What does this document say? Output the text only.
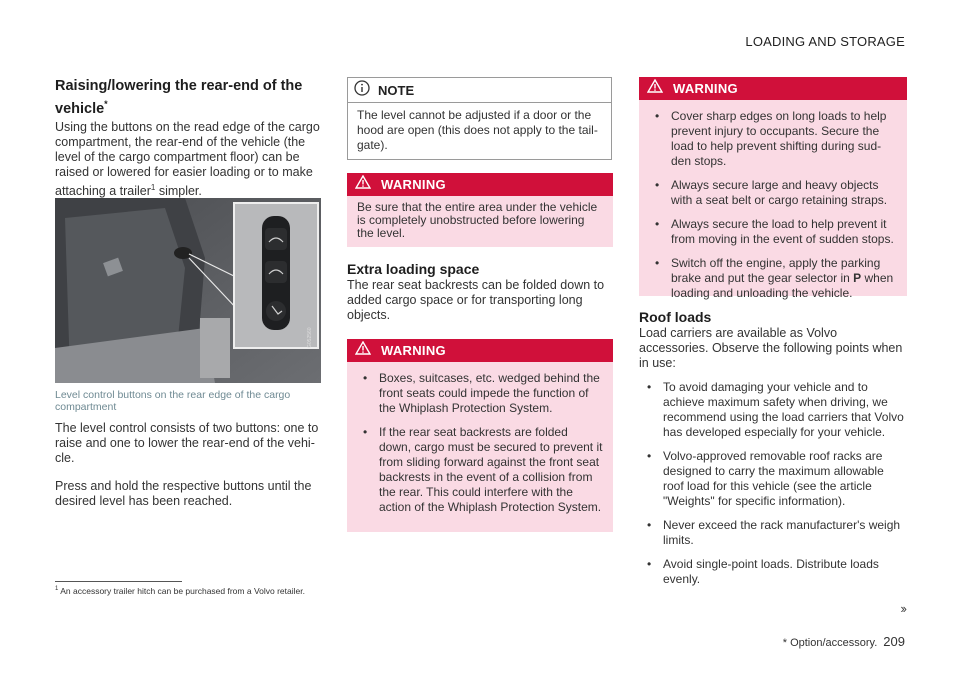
LOADING AND STORAGE
Raising/lowering the rear-end of the vehicle*

Using the buttons on the read edge of the cargo compartment, the rear-end of the vehicle (the level of the cargo compartment floor) can be raised or lowered for easier loading or to make attaching a trailer$^1$ simpler.

G052560
Level control buttons on the rear edge of the cargo compartment

The level control consists of two buttons: one to raise and one to lower the rear-end of the vehi-cle.

Press and hold the respective buttons until the desired level has been reached.

NOTE
The level cannot be adjusted if a door or the hood are open (this does not apply to the tail-gate).
WARNING
Be sure that the entire area under the vehicle is completely unobstructed before lowering the level.
Extra loading space

The rear seat backrests can be folded down to added cargo space or for transporting long objects.

WARNING
• Boxes, suitcases, etc. wedged behind the front seats could impede the function of the Whiplash Protection System.
• If the rear seat backrests are folded down, cargo must be secured to prevent it from sliding forward against the front seat backrests in the event of a collision from the rear. This could interfere with the action of the Whiplash Protection System.
WARNING
• Cover sharp edges on long loads to help prevent injury to occupants. Secure the load to help prevent shifting during sud-den stops.
• Always secure large and heavy objects with a seat belt or cargo retaining straps.
• Always secure the load to help prevent it from moving in the event of sudden stops.
• Switch off the engine, apply the parking brake and put the gear selector in P when loading and unloading the vehicle.
Roof loads

Load carriers are available as Volvo accessories. Observe the following points when in use:

• To avoid damaging your vehicle and to achieve maximum safety when driving, we recommend using the load carriers that Volvo has developed especially for your vehicle.
• Volvo-approved removable roof racks are designed to carry the maximum allowable roof load for this vehicle (see the article "Weights" for specific information).
• Never exceed the rack manufacturer's weigh limits.
• Avoid single-point loads. Distribute loads evenly.
$^1$ An accessory trailer hitch can be purchased from a Volvo retailer.
››
* Option/accessory. 209
